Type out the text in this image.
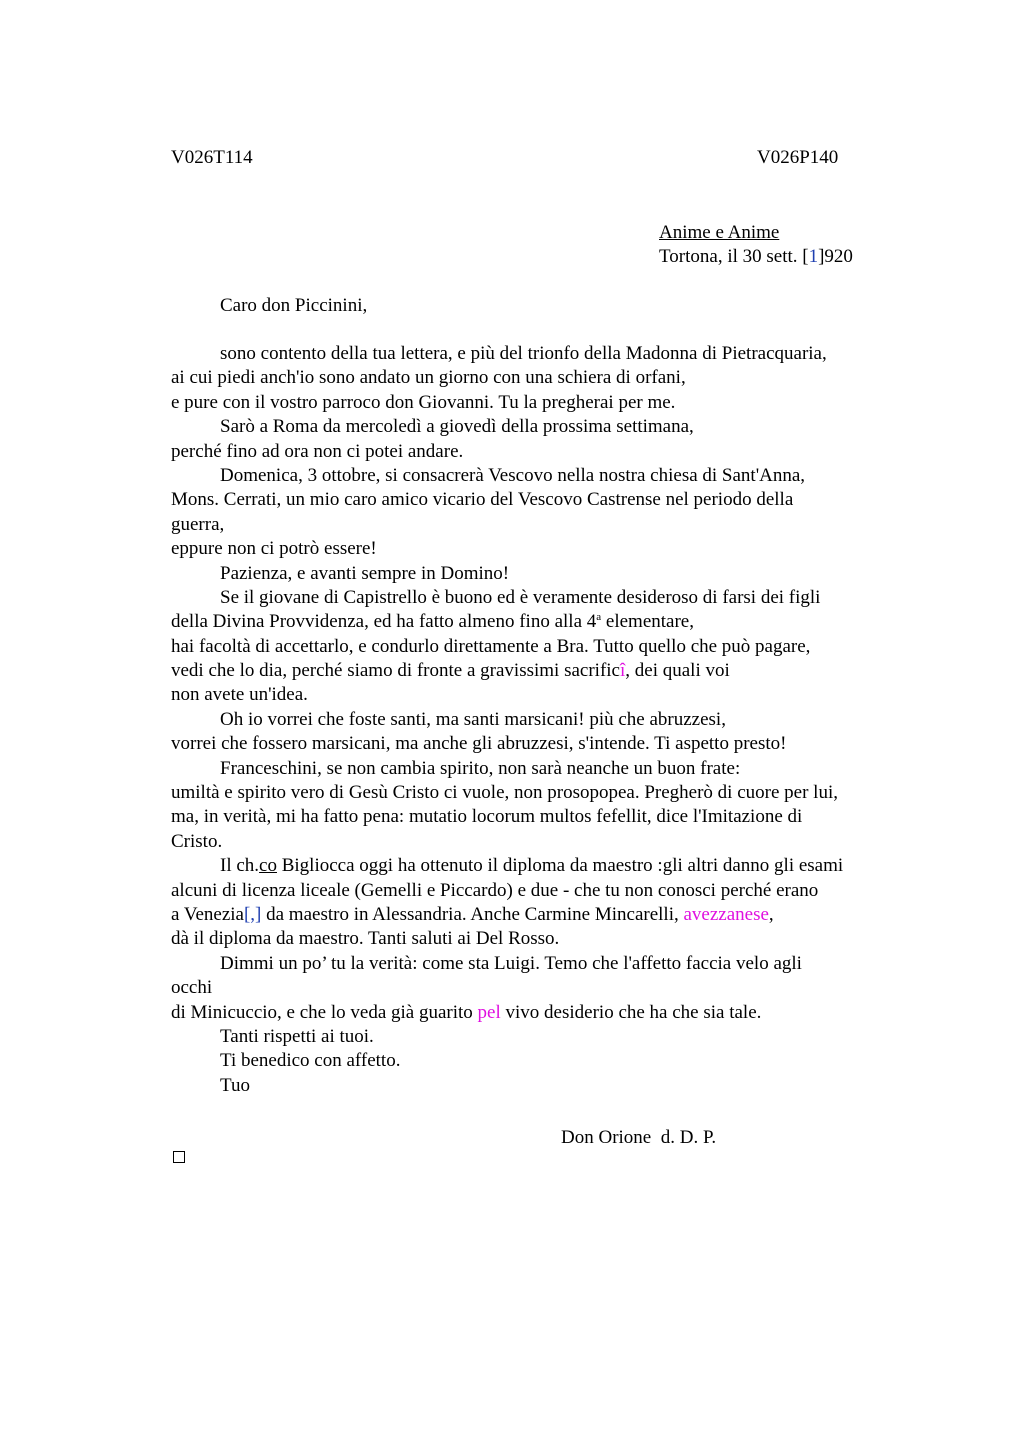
V026T114	V026P140
Anime e Anime
Tortona, il 30 sett. [1]920
Caro don Piccinini,
sono contento della tua lettera, e più del trionfo della Madonna di Pietracquaria,
ai cui piedi anch'io sono andato un giorno con una schiera di orfani,
e pure con il vostro parroco don Giovanni. Tu la pregherai per me.
Sarò a Roma da mercoledì a giovedì della prossima settimana,
perché fino ad ora non ci potei andare.
Domenica, 3 ottobre, si consacrerà Vescovo nella nostra chiesa di Sant'Anna,
Mons. Cerrati, un mio caro amico vicario del Vescovo Castrense nel periodo della
guerra,
eppure non ci potrò essere!
Pazienza, e avanti sempre in Domino!
Se il giovane di Capistrello è buono ed è veramente desideroso di farsi dei figli
della Divina Provvidenza, ed ha fatto almeno fino alla 4$^a$ elementare,
hai facoltà di accettarlo, e condurlo direttamente a Bra. Tutto quello che può pagare,
vedi che lo dia, perché siamo di fronte a gravissimi sacrificî, dei quali voi
non avete un'idea.
Oh io vorrei che foste santi, ma santi marsicani! più che abruzzesi,
vorrei che fossero marsicani, ma anche gli abruzzesi, s'intende. Ti aspetto presto!
Franceschini, se non cambia spirito, non sarà neanche un buon frate:
umiltà e spirito vero di Gesù Cristo ci vuole, non prosopopea. Pregherò di cuore per lui,
ma, in verità, mi ha fatto pena: mutatio locorum multos fefellit, dice l'Imitazione di
Cristo.
Il ch.co Bigliocca oggi ha ottenuto il diploma da maestro :gli altri danno gli esami
alcuni di licenza liceale (Gemelli e Piccardo) e due - che tu non conosci perché erano
a Venezia[,] da maestro in Alessandria. Anche Carmine Mincarelli, avezzanese,
dà il diploma da maestro. Tanti saluti ai Del Rosso.
Dimmi un po’ tu la verità: come sta Luigi. Temo che l'affetto faccia velo agli
occhi
di Minicuccio, e che lo veda già guarito pel vivo desiderio che ha che sia tale.
Tanti rispetti ai tuoi.
Ti benedico con affetto.
Tuo
Don Orione  d. D. P.
